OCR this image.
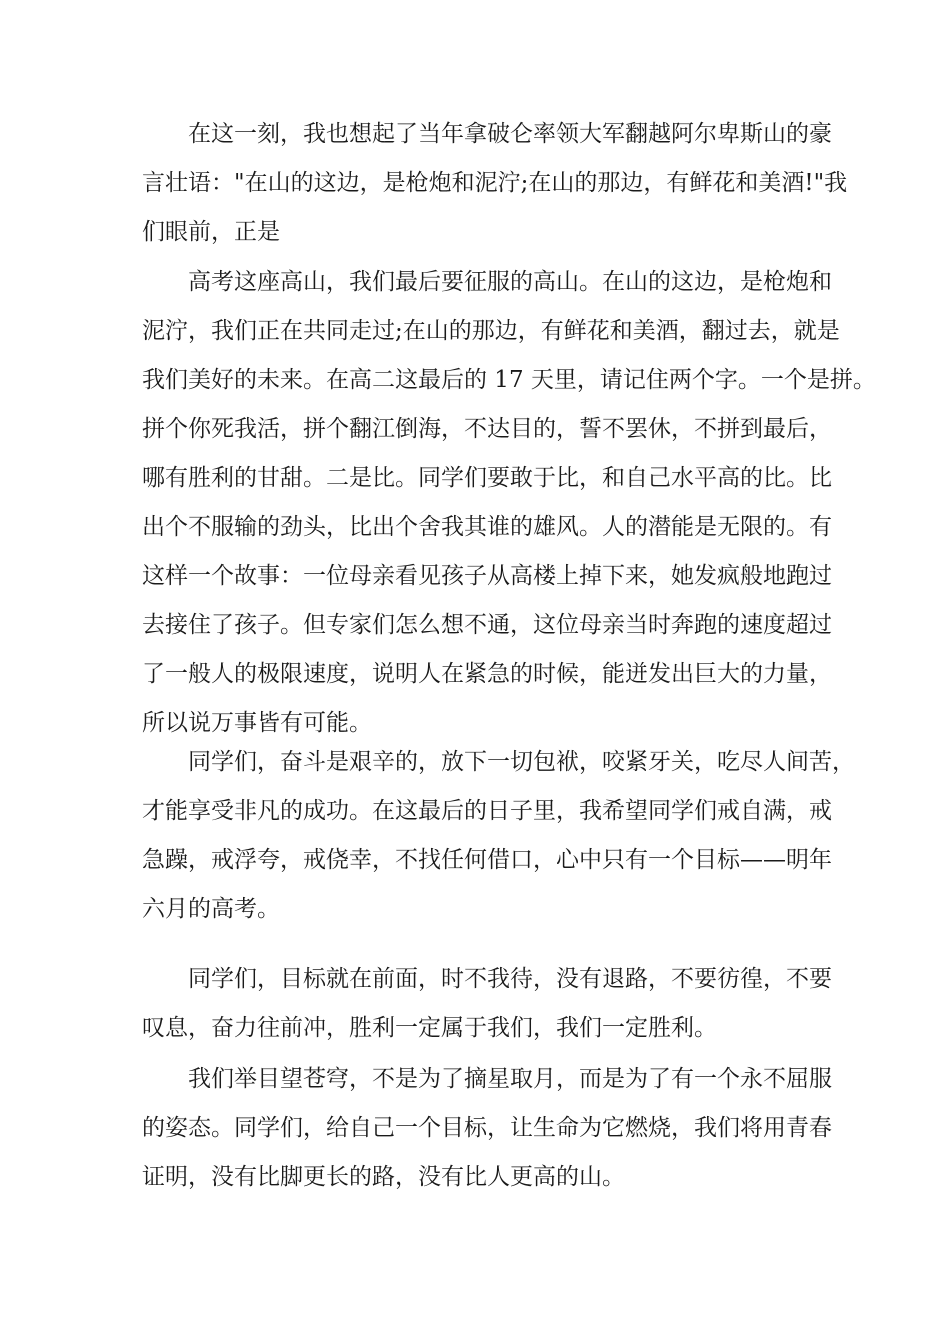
在这一刻，我也想起了当年拿破仑率领大军翻越阿尔卑斯山的豪
言壮语："在山的这边，是枪炮和泥泞;在山的那边，有鲜花和美酒!"我
们眼前，正是

高考这座高山，我们最后要征服的高山。在山的这边，是枪炮和
泥泞，我们正在共同走过;在山的那边，有鲜花和美酒，翻过去，就是
我们美好的未来。在高二这最后的 17 天里，请记住两个字。一个是拼。
拼个你死我活，拼个翻江倒海，不达目的，誓不罢休，不拼到最后，
哪有胜利的甘甜。二是比。同学们要敢于比，和自己水平高的比。比
出个不服输的劲头，比出个舍我其谁的雄风。人的潜能是无限的。有
这样一个故事：一位母亲看见孩子从高楼上掉下来，她发疯般地跑过
去接住了孩子。但专家们怎么想不通，这位母亲当时奔跑的速度超过
了一般人的极限速度，说明人在紧急的时候，能迸发出巨大的力量，
所以说万事皆有可能。

同学们，奋斗是艰辛的，放下一切包袱，咬紧牙关，吃尽人间苦，
才能享受非凡的成功。在这最后的日子里，我希望同学们戒自满，戒
急躁，戒浮夸，戒侥幸，不找任何借口，心中只有一个目标——明年
六月的高考。

同学们，目标就在前面，时不我待，没有退路，不要彷徨，不要
叹息，奋力往前冲，胜利一定属于我们，我们一定胜利。

我们举目望苍穹，不是为了摘星取月，而是为了有一个永不屈服
的姿态。同学们，给自己一个目标，让生命为它燃烧，我们将用青春
证明，没有比脚更长的路，没有比人更高的山。
